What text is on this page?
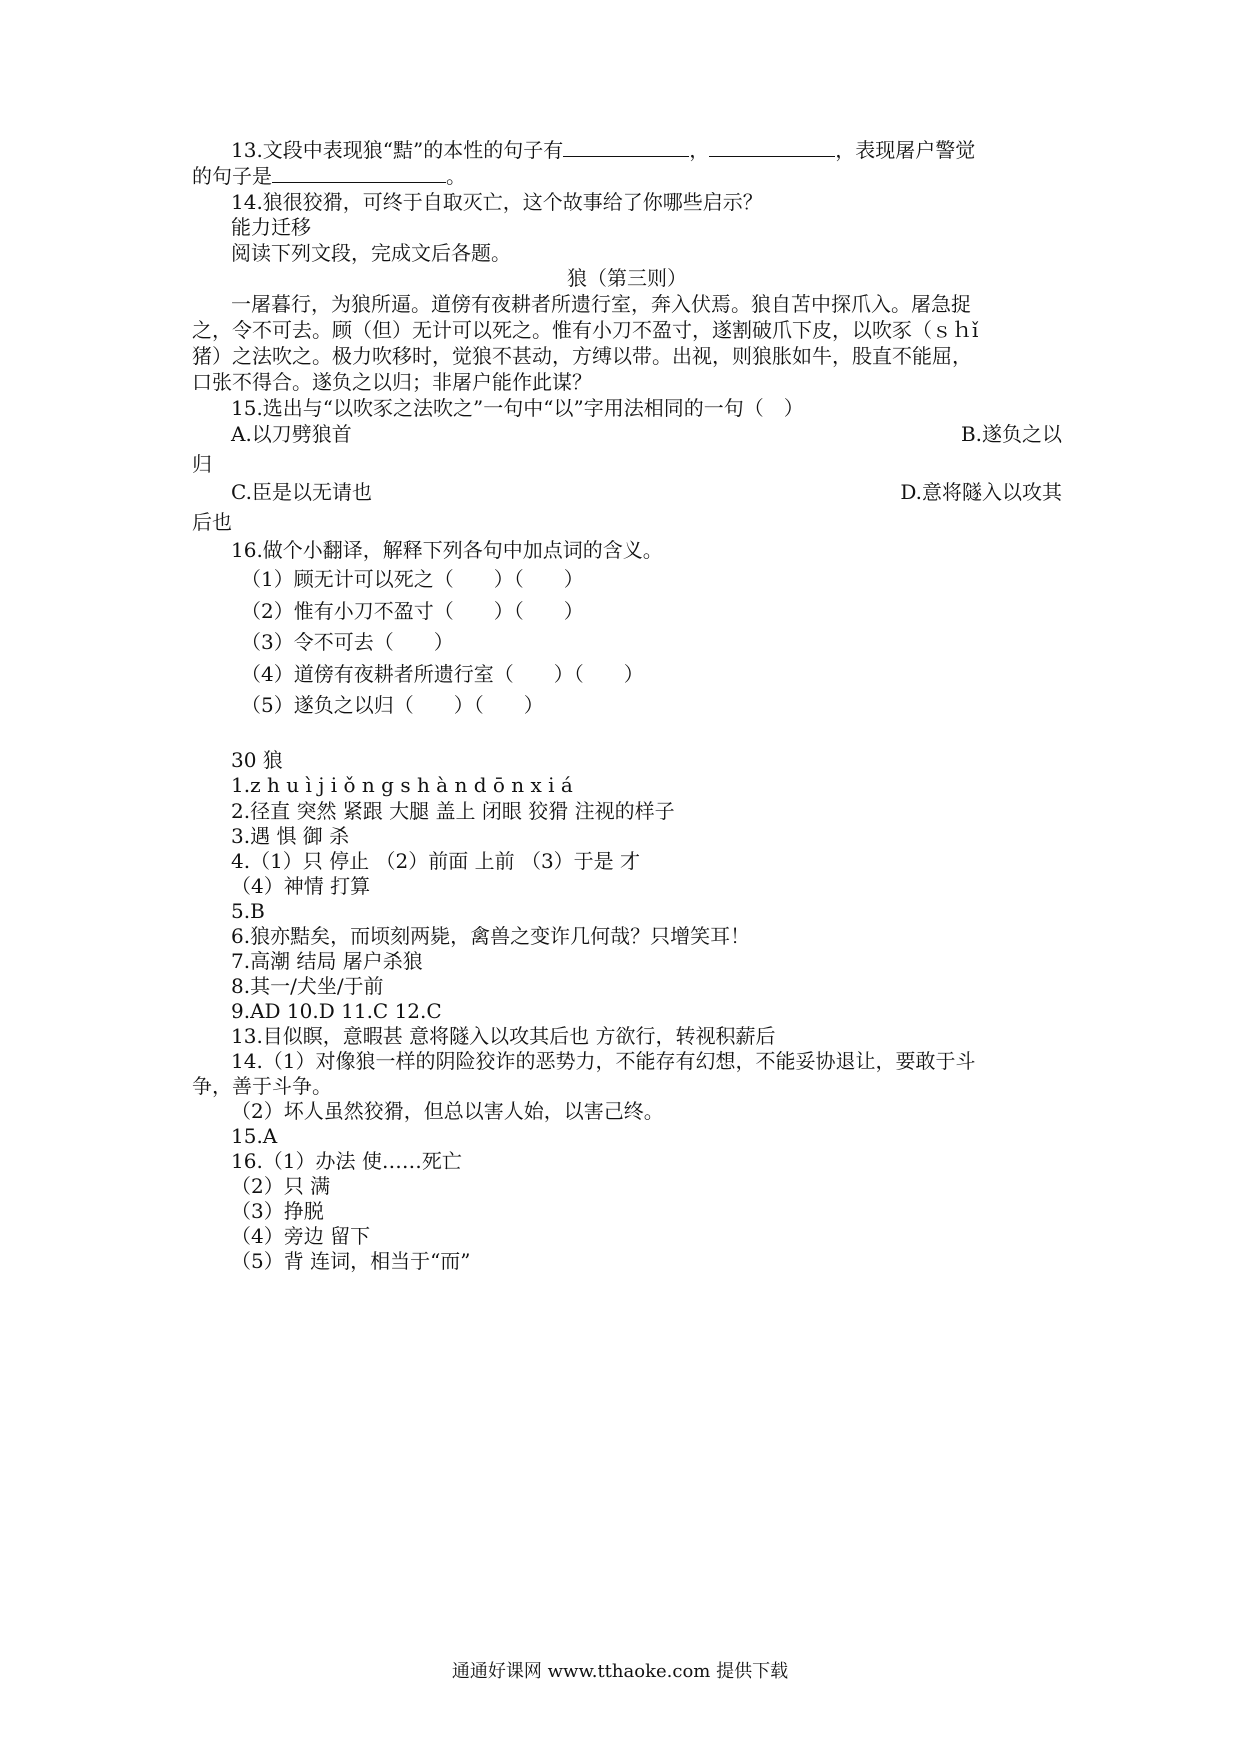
13.文段中表现狼“黠”的本性的句子有	，	，表现屠户警觉
的句子是	。
14.狼很狡猾，可终于自取灭亡，这个故事给了你哪些启示？
能力迁移
阅读下列文段，完成文后各题。
狼（第三则）
一屠暮行，为狼所逼。道傍有夜耕者所遗行室，奔入伏焉。狼自苫中探爪入。屠急捉
之，令不可去。顾（但）无计可以死之。惟有小刀不盈寸，遂割破爪下皮，以吹豕（ｓｈǐ
猪）之法吹之。极力吹移时，觉狼不甚动，方缚以带。出视，则狼胀如牛，股直不能屈，
口张不得合。遂负之以归；非屠户能作此谋？
15.选出与“以吹豕之法吹之”一句中“以”字用法相同的一句（　）
A.以刀劈狼首	B.遂负之以
归
C.臣是以无请也	D.意将隧入以攻其
后也
16.做个小翻译，解释下列各句中加点词的含义。
（1）顾无计可以死之（　　）（　　）
（2）惟有小刀不盈寸（　　）（　　）
（3）令不可去（　　）
（4）道傍有夜耕者所遗行室（　　）（　　）
（5）遂负之以归（　　）（　　）
30 狼
1.z h u ì j i ǒ n g s h à n d ō n x i á
2.径直 突然 紧跟 大腿 盖上 闭眼 狡猾 注视的样子
3.遇 惧 御 杀
4.（1）只 停止 （2）前面 上前 （3）于是 才
（4）神情 打算
5.B
6.狼亦黠矣，而顷刻两毙，禽兽之变诈几何哉？只增笑耳！
7.高潮 结局 屠户杀狼
8.其一/犬坐/于前
9.AD 10.D 11.C 12.C
13.目似瞑，意暇甚 意将隧入以攻其后也 方欲行，转视积薪后
14.（1）对像狼一样的阴险狡诈的恶势力，不能存有幻想，不能妥协退让，要敢于斗
争，善于斗争。
（2）坏人虽然狡猾，但总以害人始，以害己终。
15.A
16.（1）办法 使……死亡
（2）只 满
（3）挣脱
（4）旁边 留下
（5）背 连词，相当于“而”
通通好课网 www.tthaoke.com 提供下载
